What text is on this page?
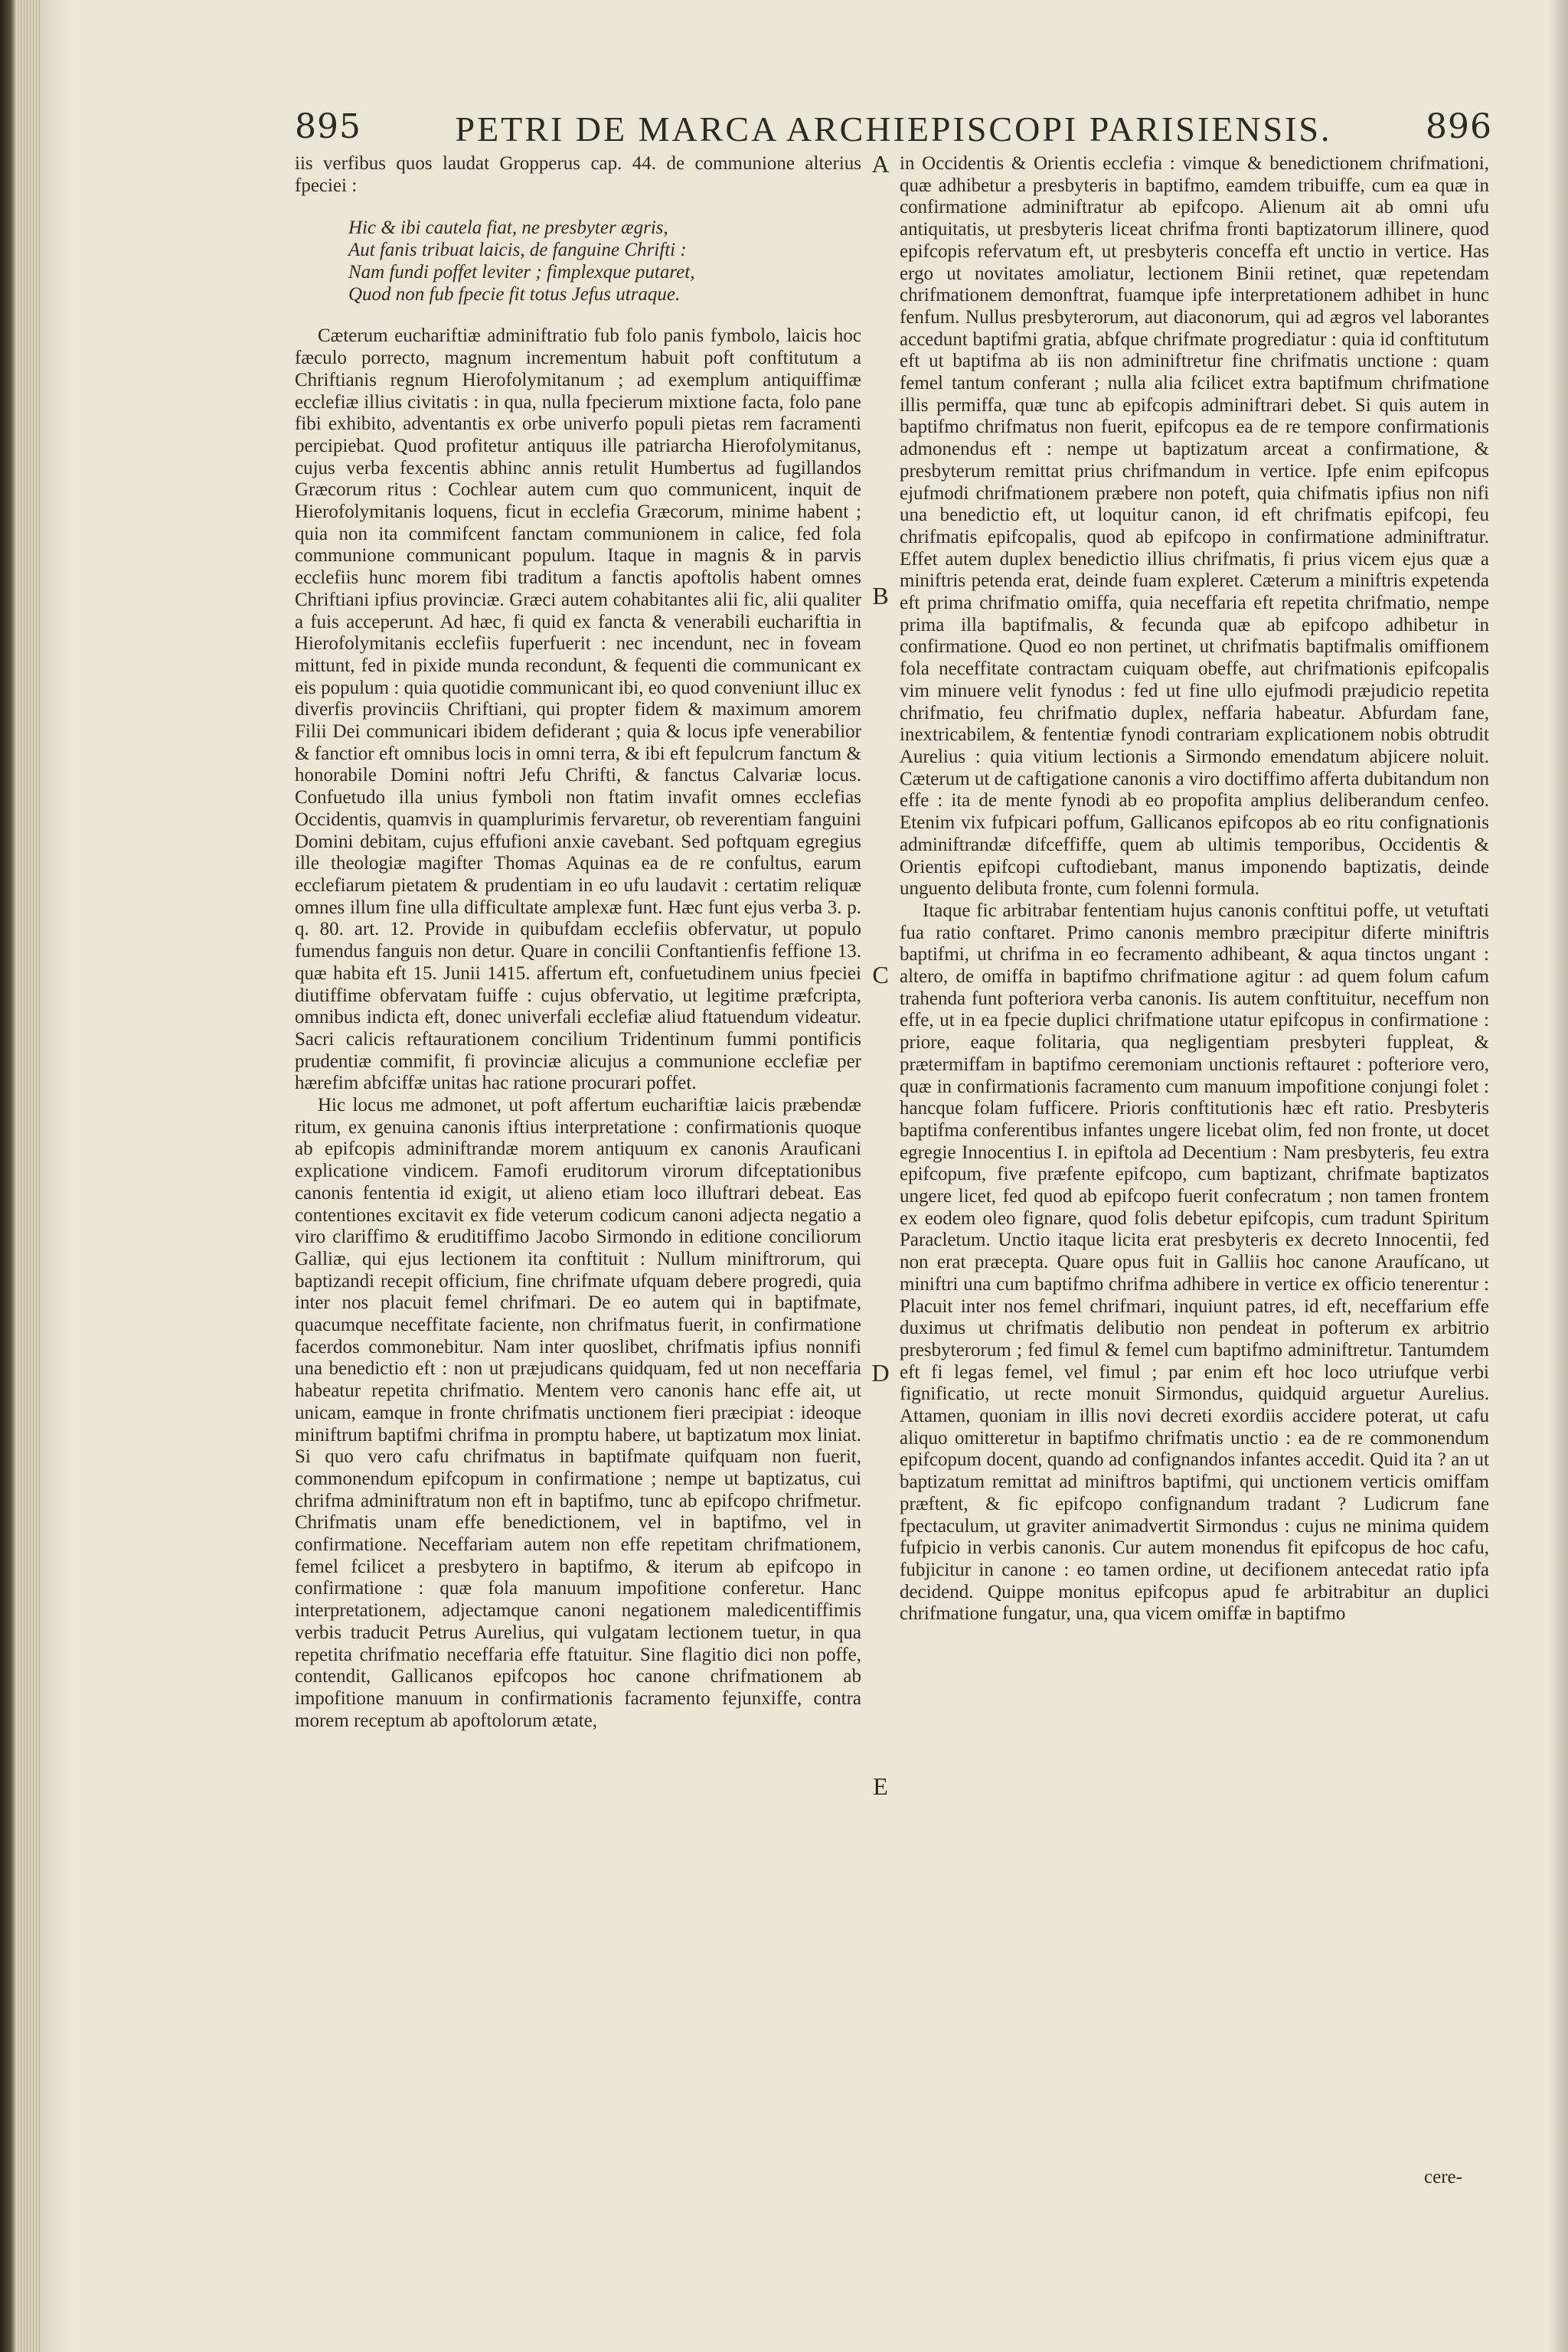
895	PETRI DE MARCA ARCHIEPISCOPI PARISIENSIS.	896

iis verfibus quos laudat Gropperus cap. 44. de communione alterius fpeciei :

Hic & ibi cautela fiat, ne presbyter ægris,
Aut fanis tribuat laicis, de fanguine Chrifti :
Nam fundi poffet leviter ; fimplexque putaret,
Quod non fub fpecie fit totus Jefus utraque.

Cæterum euchariftiæ adminiftratio fub folo panis fymbolo, laicis hoc fæculo porrecto, magnum incrementum habuit poft conftitutum a Chriftianis regnum Hierofolymitanum ; ad exemplum antiquiffimæ ecclefiæ illius civitatis : in qua, nulla fpecierum mixtione facta, folo pane fibi exhibito, adventantis ex orbe univerfo populi pietas rem facramenti percipiebat. Quod profitetur antiquus ille patriarcha Hierofolymitanus, cujus verba fexcentis abhinc annis retulit Humbertus ad fugillandos Græcorum ritus : Cochlear autem cum quo communicent, inquit de Hierofolymitanis loquens, ficut in ecclefia Græcorum, minime habent ; quia non ita commifcent fanctam communionem in calice, fed fola communione communicant populum. Itaque in magnis & in parvis ecclefiis hunc morem fibi traditum a fanctis apoftolis habent omnes Chriftiani ipfius provinciæ. Græci autem cohabitantes alii fic, alii qualiter a fuis acceperunt. Ad hæc, fi quid ex fancta & venerabili euchariftia in Hierofolymitanis ecclefiis fuperfuerit : nec incendunt, nec in foveam mittunt, fed in pixide munda recondunt, & fequenti die communicant ex eis populum : quia quotidie communicant ibi, eo quod conveniunt illuc ex diverfis provinciis Chriftiani, qui propter fidem & maximum amorem Filii Dei communicari ibidem defiderant ; quia & locus ipfe venerabilior & fanctior eft omnibus locis in omni terra, & ibi eft fepulcrum fanctum & honorabile Domini noftri Jefu Chrifti, & fanctus Calvariæ locus. Confuetudo illa unius fymboli non ftatim invafit omnes ecclefias Occidentis, quamvis in quamplurimis fervaretur, ob reverentiam fanguini Domini debitam, cujus effufioni anxie cavebant. Sed poftquam egregius ille theologiæ magifter Thomas Aquinas ea de re confultus, earum ecclefiarum pietatem & prudentiam in eo ufu laudavit : certatim reliquæ omnes illum fine ulla difficultate amplexæ funt. Hæc funt ejus verba 3. p. q. 80. art. 12. Provide in quibufdam ecclefiis obfervatur, ut populo fumendus fanguis non detur. Quare in concilii Conftantienfis feffione 13. quæ habita eft 15. Junii 1415. affertum eft, confuetudinem unius fpeciei diutiffime obfervatam fuiffe : cujus obfervatio, ut legitime præfcripta, omnibus indicta eft, donec univerfali ecclefiæ aliud ftatuendum videatur. Sacri calicis reftaurationem concilium Tridentinum fummi pontificis prudentiæ commifit, fi provinciæ alicujus a communione ecclefiæ per hærefim abfciffæ unitas hac ratione procurari poffet.

Hic locus me admonet, ut poft affertum euchariftiæ laicis præbendæ ritum, ex genuina canonis iftius interpretatione : confirmationis quoque ab epifcopis adminiftrandæ morem antiquum ex canonis Arauficani explicatione vindicem. Famofi eruditorum virorum difceptationibus canonis fententia id exigit, ut alieno etiam loco illuftrari debeat. Eas contentiones excitavit ex fide veterum codicum canoni adjecta negatio a viro clariffimo & eruditiffimo Jacobo Sirmondo in editione conciliorum Galliæ, qui ejus lectionem ita conftituit : Nullum miniftrorum, qui baptizandi recepit officium, fine chrifmate ufquam debere progredi, quia inter nos placuit femel chrifmari. De eo autem qui in baptifmate, quacumque neceffitate faciente, non chrifmatus fuerit, in confirmatione facerdos commonebitur. Nam inter quoslibet, chrifmatis ipfius nonnifi una benedictio eft : non ut præjudicans quidquam, fed ut non neceffaria habeatur repetita chrifmatio. Mentem vero canonis hanc effe ait, ut unicam, eamque in fronte chrifmatis unctionem fieri præcipiat : ideoque miniftrum baptifmi chrifma in promptu habere, ut baptizatum mox liniat. Si quo vero cafu chrifmatus in baptifmate quifquam non fuerit, commonendum epifcopum in confirmatione ; nempe ut baptizatus, cui chrifma adminiftratum non eft in baptifmo, tunc ab epifcopo chrifmetur. Chrifmatis unam effe benedictionem, vel in baptifmo, vel in confirmatione. Neceffariam autem non effe repetitam chrifmationem, femel fcilicet a presbytero in baptifmo, & iterum ab epifcopo in confirmatione : quæ fola manuum impofitione conferetur. Hanc interpretationem, adjectamque canoni negationem maledicentiffimis verbis traducit Petrus Aurelius, qui vulgatam lectionem tuetur, in qua repetita chrifmatio neceffaria effe ftatuitur. Sine flagitio dici non poffe, contendit, Gallicanos epifcopos hoc canone chrifmationem ab impofitione manuum in confirmationis facramento fejunxiffe, contra morem receptum ab apoftolorum ætate,

A
B
C
D
E

in Occidentis & Orientis ecclefia : vimque & benedictionem chrifmationi, quæ adhibetur a presbyteris in baptifmo, eamdem tribuiffe, cum ea quæ in confirmatione adminiftratur ab epifcopo. Alienum ait ab omni ufu antiquitatis, ut presbyteris liceat chrifma fronti baptizatorum illinere, quod epifcopis refervatum eft, ut presbyteris conceffa eft unctio in vertice. Has ergo ut novitates amoliatur, lectionem Binii retinet, quæ repetendam chrifmationem demonftrat, fuamque ipfe interpretationem adhibet in hunc fenfum. Nullus presbyterorum, aut diaconorum, qui ad ægros vel laborantes accedunt baptifmi gratia, abfque chrifmate progrediatur : quia id conftitutum eft ut baptifma ab iis non adminiftretur fine chrifmatis unctione : quam femel tantum conferant ; nulla alia fcilicet extra baptifmum chrifmatione illis permiffa, quæ tunc ab epifcopis adminiftrari debet. Si quis autem in baptifmo chrifmatus non fuerit, epifcopus ea de re tempore confirmationis admonendus eft : nempe ut baptizatum arceat a confirmatione, & presbyterum remittat prius chrifmandum in vertice. Ipfe enim epifcopus ejufmodi chrifmationem præbere non poteft, quia chifmatis ipfius non nifi una benedictio eft, ut loquitur canon, id eft chrifmatis epifcopi, feu chrifmatis epifcopalis, quod ab epifcopo in confirmatione adminiftratur. Effet autem duplex benedictio illius chrifmatis, fi prius vicem ejus quæ a miniftris petenda erat, deinde fuam expleret. Cæterum a miniftris expetenda eft prima chrifmatio omiffa, quia neceffaria eft repetita chrifmatio, nempe prima illa baptifmalis, & fecunda quæ ab epifcopo adhibetur in confirmatione. Quod eo non pertinet, ut chrifmatis baptifmalis omiffionem fola neceffitate contractam cuiquam obeffe, aut chrifmationis epifcopalis vim minuere velit fynodus : fed ut fine ullo ejufmodi præjudicio repetita chrifmatio, feu chrifmatio duplex, neffaria habeatur. Abfurdam fane, inextricabilem, & fententiæ fynodi contrariam explicationem nobis obtrudit Aurelius : quia vitium lectionis a Sirmondo emendatum abjicere noluit. Cæterum ut de caftigatione canonis a viro doctiffimo afferta dubitandum non effe : ita de mente fynodi ab eo propofita amplius deliberandum cenfeo. Etenim vix fufpicari poffum, Gallicanos epifcopos ab eo ritu confignationis adminiftrandæ difceffiffe, quem ab ultimis temporibus, Occidentis & Orientis epifcopi cuftodiebant, manus imponendo baptizatis, deinde unguento delibuta fronte, cum folenni formula.

Itaque fic arbitrabar fententiam hujus canonis conftitui poffe, ut vetuftati fua ratio conftaret. Primo canonis membro præcipitur diferte miniftris baptifmi, ut chrifma in eo fecramento adhibeant, & aqua tinctos ungant : altero, de omiffa in baptifmo chrifmatione agitur : ad quem folum cafum trahenda funt pofteriora verba canonis. Iis autem conftituitur, neceffum non effe, ut in ea fpecie duplici chrifmatione utatur epifcopus in confirmatione : priore, eaque folitaria, qua negligentiam presbyteri fuppleat, & prætermiffam in baptifmo ceremoniam unctionis reftauret : pofteriore vero, quæ in confirmationis facramento cum manuum impofitione conjungi folet : hancque folam fufficere. Prioris conftitutionis hæc eft ratio. Presbyteris baptifma conferentibus infantes ungere licebat olim, fed non fronte, ut docet egregie Innocentius I. in epiftola ad Decentium : Nam presbyteris, feu extra epifcopum, five præfente epifcopo, cum baptizant, chrifmate baptizatos ungere licet, fed quod ab epifcopo fuerit confecratum ; non tamen frontem ex eodem oleo fignare, quod folis debetur epifcopis, cum tradunt Spiritum Paracletum. Unctio itaque licita erat presbyteris ex decreto Innocentii, fed non erat præcepta. Quare opus fuit in Galliis hoc canone Araufícano, ut miniftri una cum baptifmo chrifma adhibere in vertice ex officio tenerentur : Placuit inter nos femel chrifmari, inquiunt patres, id eft, neceffarium effe duximus ut chrifmatis delibutio non pendeat in pofterum ex arbitrio presbyterorum ; fed fimul & femel cum baptifmo adminiftretur. Tantumdem eft fi legas femel, vel fimul ; par enim eft hoc loco utriufque verbi fignificatio, ut recte monuit Sirmondus, quidquid arguetur Aurelius. Attamen, quoniam in illis novi decreti exordiis accidere poterat, ut cafu aliquo omitteretur in baptifmo chrifmatis unctio : ea de re commonendum epifcopum docent, quando ad confignandos infantes accedit. Quid ita ? an ut baptizatum remittat ad miniftros baptifmi, qui unctionem verticis omiffam præftent, & fic epifcopo confignandum tradant ? Ludicrum fane fpectaculum, ut graviter animadvertit Sirmondus : cujus ne minima quidem fufpicio in verbis canonis. Cur autem monendus fit epifcopus de hoc cafu, fubjicitur in canone : eo tamen ordine, ut decifionem antecedat ratio ipfa decidend. Quippe monitus epifcopus apud fe arbitrabitur an duplici chrifmatione fungatur, una, qua vicem omiffæ in baptifmo

cere-
